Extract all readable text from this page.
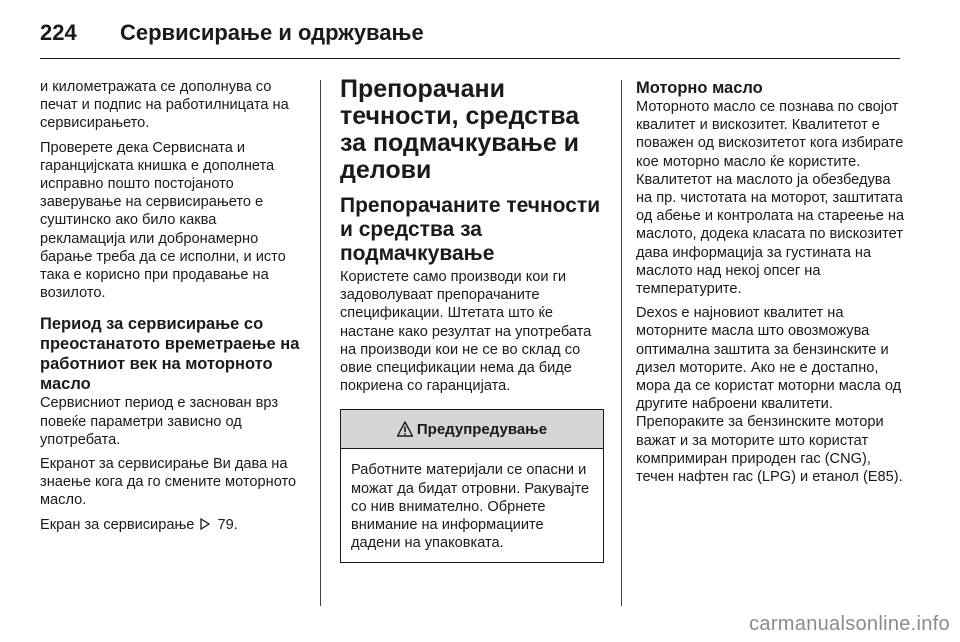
224 Сервисирање и одржување

и километражата се дополнува со печат и подпис на работилницата на сервисирањето.

Проверете дека Сервисната и гаранцијската книшка е дополнета исправно пошто постојаното заверување на сервисирањето е суштинско ако било каква рекламација или добронамерно барање треба да се исполни, и исто така е корисно при продавање на возилото.

Период за сервисирање со преостанатото времетраење на работниот век на моторното масло

Сервисниот период е заснован врз повеќе параметри зависно од употребата.

Екранот за сервисирање Ви дава на знаење кога да го смените моторното масло.

Екран за сервисирање 79.

Препорачани течности, средства за подмачкување и делови
Препорачаните течности и средства за подмачкување

Користете само производи кои ги задоволуваат препорачаните спецификации. Штетата што ќе настане како резултат на употребата на производи кои не се во склад со овие спецификации нема да биде покриена со гаранцијата.

Предупредување

Работните материјали се опасни и можат да бидат отровни. Ракувајте со нив внимателно. Обрнете внимание на информациите дадени на упаковката.

Моторно масло

Моторното масло се познава по својот квалитет и вискозитет. Квалитетот е поважен од вискозитетот кога избирате кое моторно масло ќе користите. Квалитетот на маслото ја обезбедува на пр. чистотата на моторот, заштитата од абење и контролата на стареење на маслото, додека класата по вискозитет дава информација за густината на маслото над некој опсег на температурите.

Dexos е најновиот квалитет на моторните масла што овозможува оптимална заштита за бензинските и дизел моторите. Ако не е достапно, мора да се користат моторни масла од другите наброени квалитети. Препораките за бензинските мотори важат и за моторите што користат компримиран природен гас (CNG), течен нафтен гас (LPG) и етанол (E85).

carmanualsonline.info
